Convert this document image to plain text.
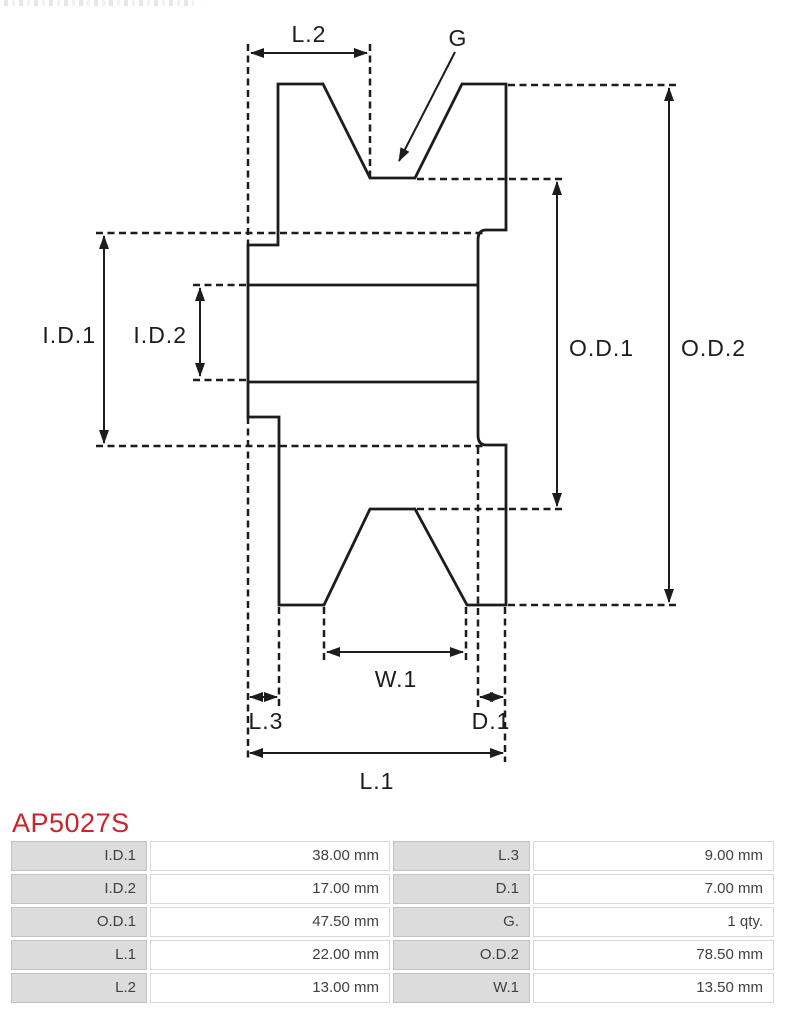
L.2	G
I.D.1 I.D.2	O.D.1 O.D.2
W.1
L.3	D.1
L.1
AP5027S
I.D.1	38.00 mm	L.3	9.00 mm
I.D.2	17.00 mm	D.1	7.00 mm
O.D.1	47.50 mm	G.	1 qty.
L.1	22.00 mm	O.D.2	78.50 mm
L.2	13.00 mm	W.1	13.50 mm
